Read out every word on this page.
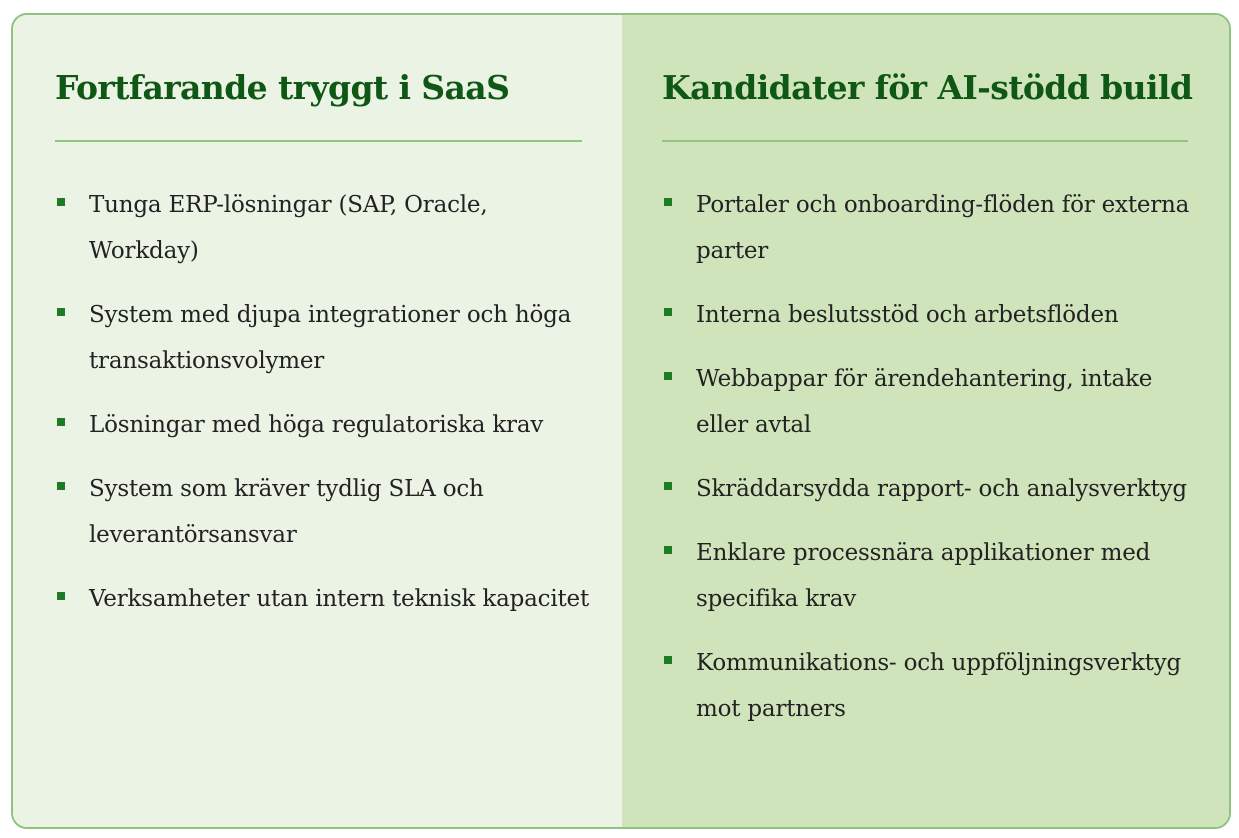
Fortfarande tryggt i SaaS
Tunga ERP-lösningar (SAP, Oracle, Workday)
System med djupa integrationer och höga transaktionsvolymer
Lösningar med höga regulatoriska krav
System som kräver tydlig SLA och leverantörsansvar
Verksamheter utan intern teknisk kapacitet
Kandidater för AI-stödd build
Portaler och onboarding-flöden för externa parter
Interna beslutsstöd och arbetsflöden
Webbappar för ärendehantering, intake eller avtal
Skräddarsydda rapport- och analysverktyg
Enklare processnära applikationer med specifika krav
Kommunikations- och uppföljningsverktyg mot partners
